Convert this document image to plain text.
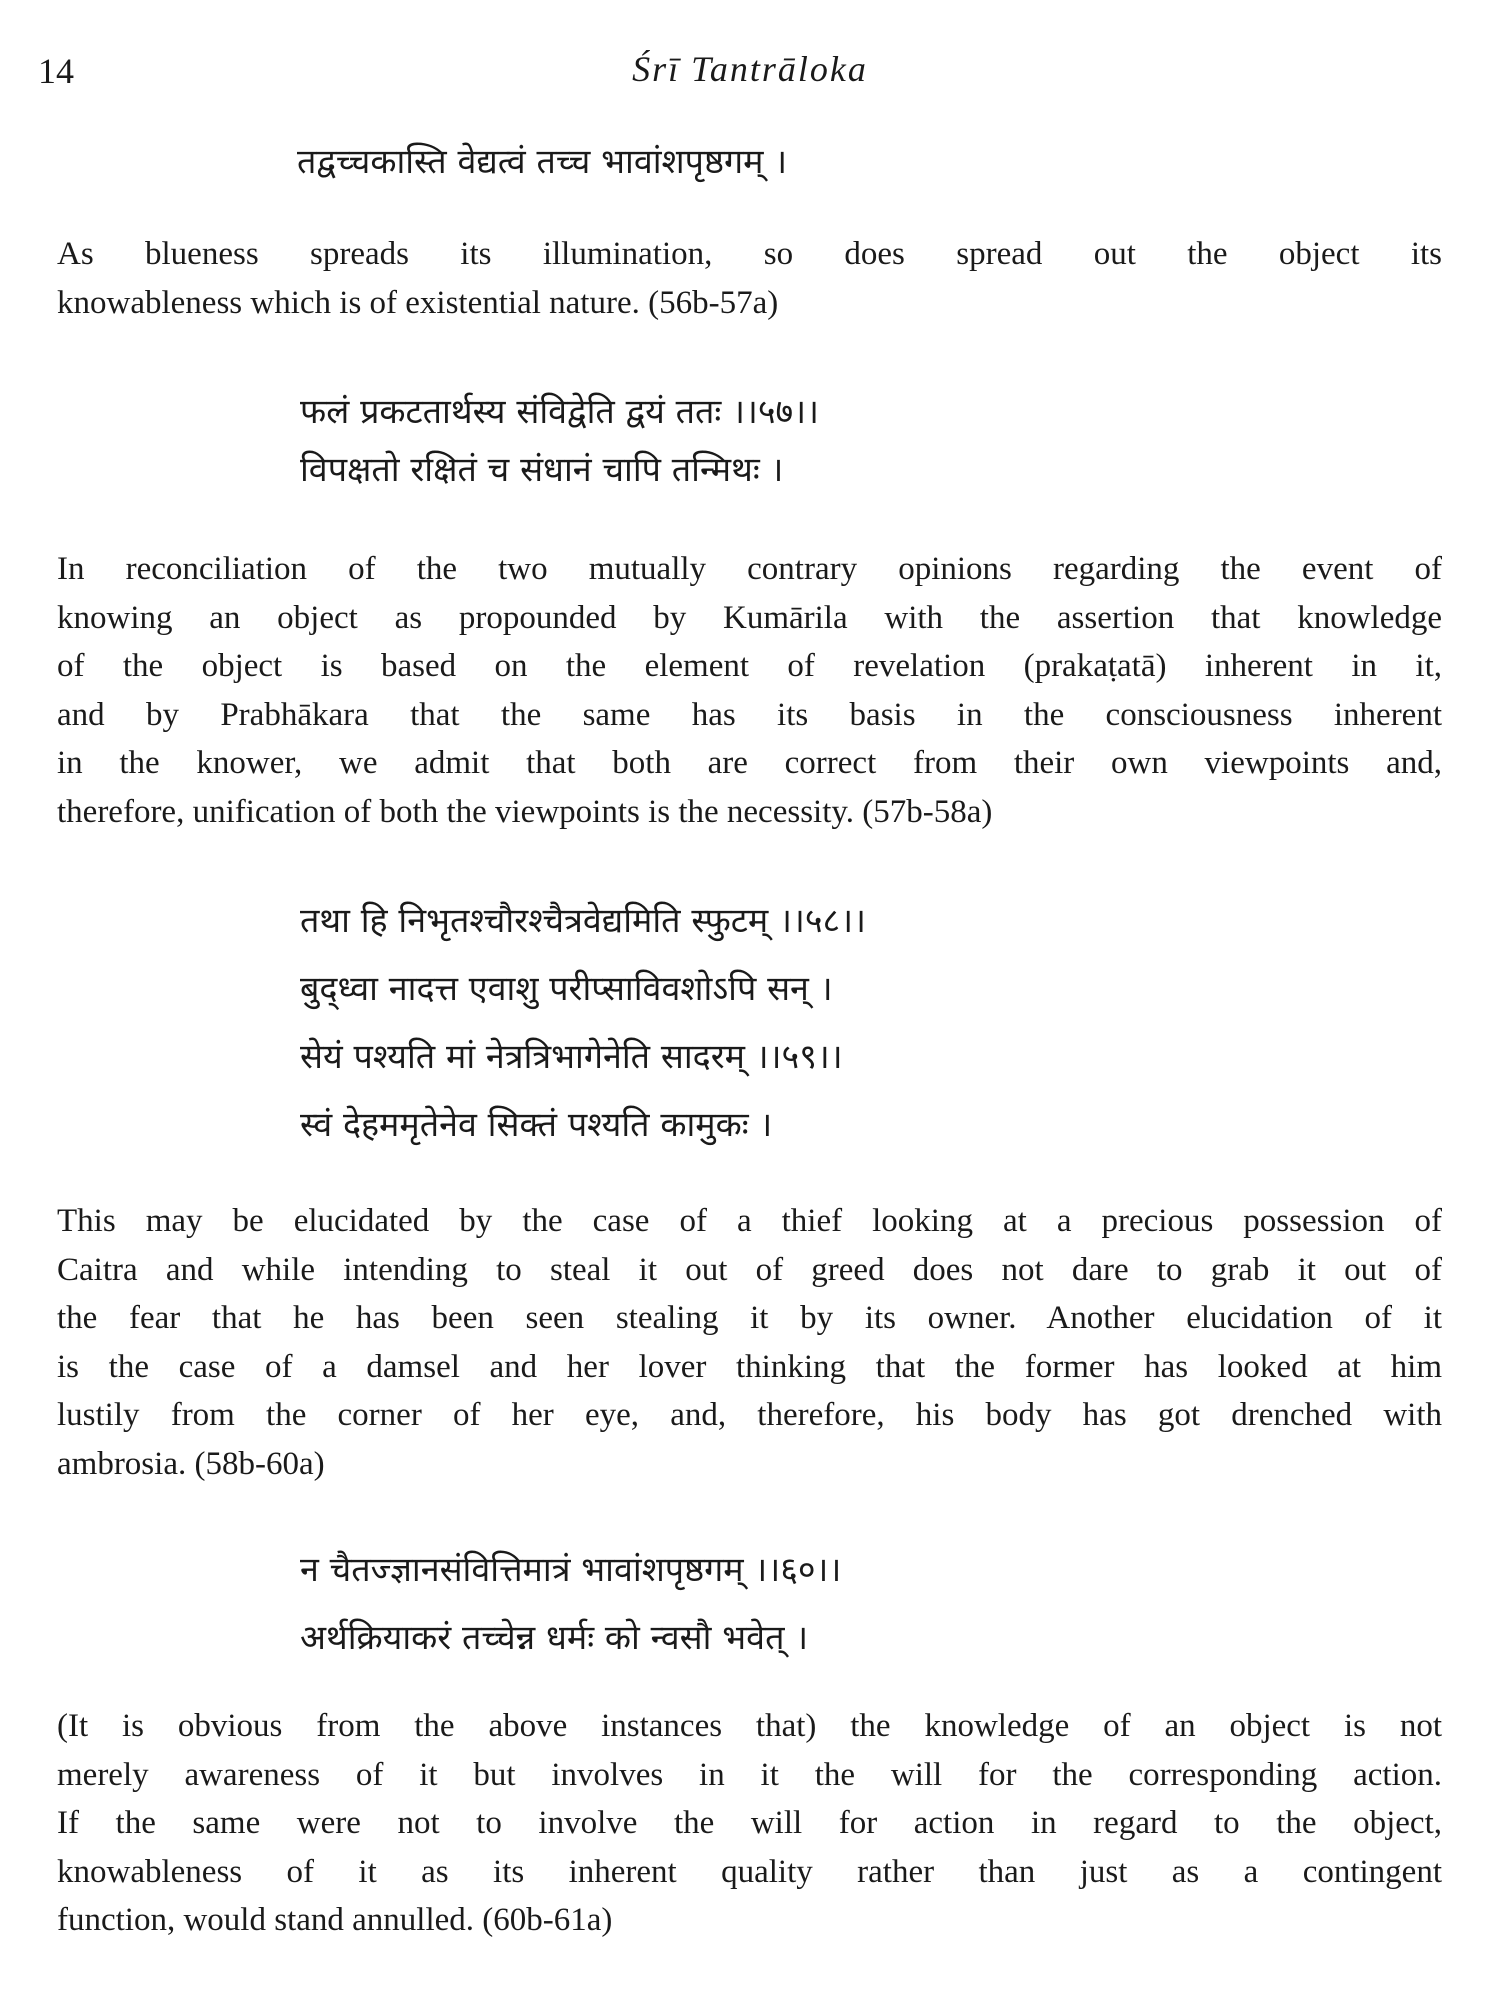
14	Śrī Tantrāloka
तद्वच्चकास्ति वेद्यत्वं तच्च भावांशपृष्ठगम् ।
As blueness spreads its illumination, so does spread out the object its
knowableness which is of existential nature. (56b-57a)
फलं प्रकटतार्थस्य संविद्वेति द्वयं ततः ।।५७।।
विपक्षतो रक्षितं च संधानं चापि तन्मिथः ।
In reconciliation of the two mutually contrary opinions regarding the event of
knowing an object as propounded by Kumārila with the assertion that knowledge
of the object is based on the element of revelation (prakaṭatā) inherent in it,
and by Prabhākara that the same has its basis in the consciousness inherent
in the knower, we admit that both are correct from their own viewpoints and,
therefore, unification of both the viewpoints is the necessity. (57b-58a)
तथा हि निभृतश्चौरश्चैत्रवेद्यमिति स्फुटम् ।।५८।।
बुद्ध्वा नादत्त एवाशु परीप्साविवशोऽपि सन् ।
सेयं पश्यति मां नेत्रत्रिभागेनेति सादरम् ।।५९।।
स्वं देहममृतेनेव सिक्तं पश्यति कामुकः ।
This may be elucidated by the case of a thief looking at a precious possession of
Caitra and while intending to steal it out of greed does not dare to grab it out of
the fear that he has been seen stealing it by its owner. Another elucidation of it
is the case of a damsel and her lover thinking that the former has looked at him
lustily from the corner of her eye, and, therefore, his body has got drenched with
ambrosia. (58b-60a)
न चैतज्ज्ञानसंवित्तिमात्रं भावांशपृष्ठगम् ।।६०।।
अर्थक्रियाकरं तच्चेन्न धर्मः को न्वसौ भवेत् ।
(It is obvious from the above instances that) the knowledge of an object is not
merely awareness of it but involves in it the will for the corresponding action.
If the same were not to involve the will for action in regard to the object,
knowableness of it as its inherent quality rather than just as a contingent
function, would stand annulled. (60b-61a)
